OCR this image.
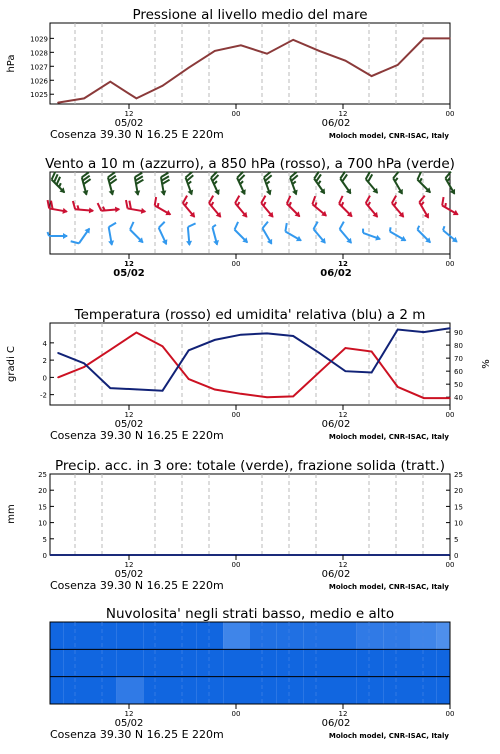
Pressione al livello medio del mare
1025
1026
1027
1028
1029
hPa
12	00	12	00
05/02	06/02
Cosenza 39.30 N 16.25 E 220m	Moloch model, CNR-ISAC, Italy
Vento a 10 m (azzurro), a 850 hPa (rosso), a 700 hPa (verde)
12	00	12	00
05/02	06/02
Temperatura (rosso) ed umidita' relativa (blu) a 2 m
-2
0
2
4
40
50
60
70
80
90
gradi C	%
12	00	12	00
05/02	06/02
Cosenza 39.30 N 16.25 E 220m	Moloch model, CNR-ISAC, Italy
Precip. acc. in 3 ore: totale (verde), frazione solida (tratt.)
0	0
5	5
10	10
15	15
20	20
25	25
mm
12	00	12	00
05/02	06/02
Cosenza 39.30 N 16.25 E 220m	Moloch model, CNR-ISAC, Italy
Nuvolosita' negli strati basso, medio e alto
12	00	12	00
05/02	06/02
Cosenza 39.30 N 16.25 E 220m	Moloch model, CNR-ISAC, Italy
